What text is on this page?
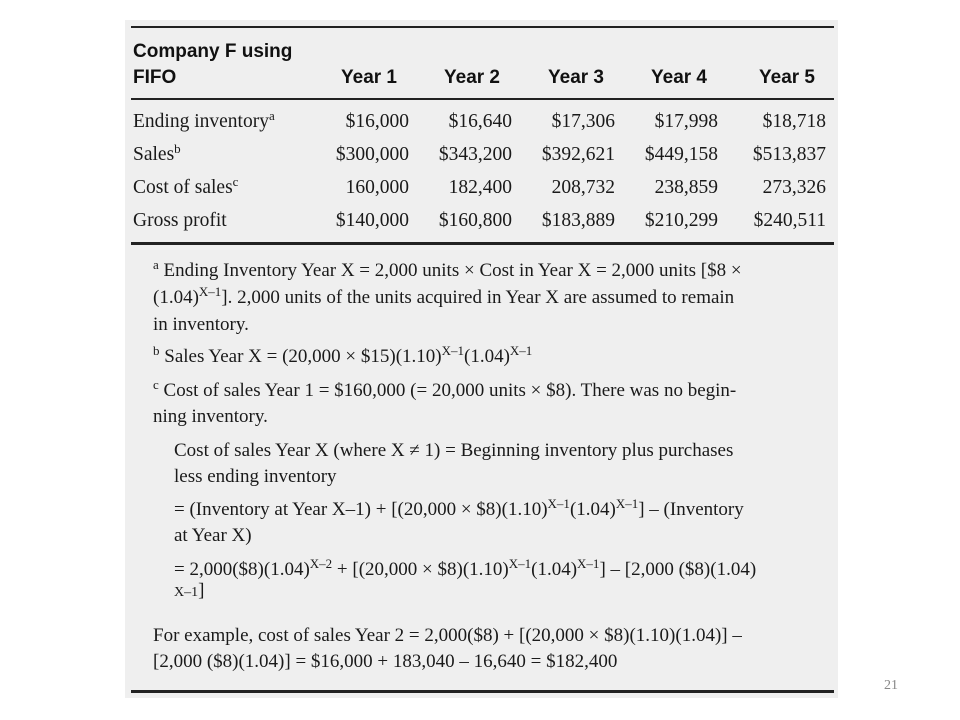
Company F using
FIFO	Year 1 Year 2	Year 3 Year 4	Year 5
Ending inventory$^a$	$16,000 $16,640 $17,306 $17,998 $18,718
Sales$^b$	$300,000 $343,200 $392,621 $449,158 $513,837
Cost of sales$^c$	160,000 182,400 208,732 238,859 273,326
Gross profit	$140,000 $160,800 $183,889 $210,299 $240,511
$^a$ Ending Inventory Year X = 2,000 units × Cost in Year X = 2,000 units [$8 ×
$(1.04)^{X-1}$]. 2,000 units of the units acquired in Year X are assumed to remain
in inventory.
$^b$ Sales Year $X = (20,000 \times \$15)(1.10)^{X-1}(1.04)^{X-1}$
$^c$ Cost of sales Year 1 = $160,000 (= 20,000 units × $8). There was no begin-
ning inventory.
Cost of sales Year X (where X ≠ 1) = Beginning inventory plus purchases
less ending inventory
= (Inventory at Year $X-1) + [(20,000 \times \$8)(1.10)^{X-1}(1.04)^{X-1}]$ – (Inventory
at Year X)
= $2,000(\$8)(1.04)^{X-2} + [(20,000$ × $\$8)(1.10)^{X-1}(1.04)^{X-1}] - [2,000$ ($8)(1.04)
X–1]
For example, cost of sales Year 2 = 2,000($8) + [(20,000 × $8)(1.10)(1.04)] –
[2,000 ($8)(1.04)] = $16,000 + 183,040 – 16,640 = $182,400
21
